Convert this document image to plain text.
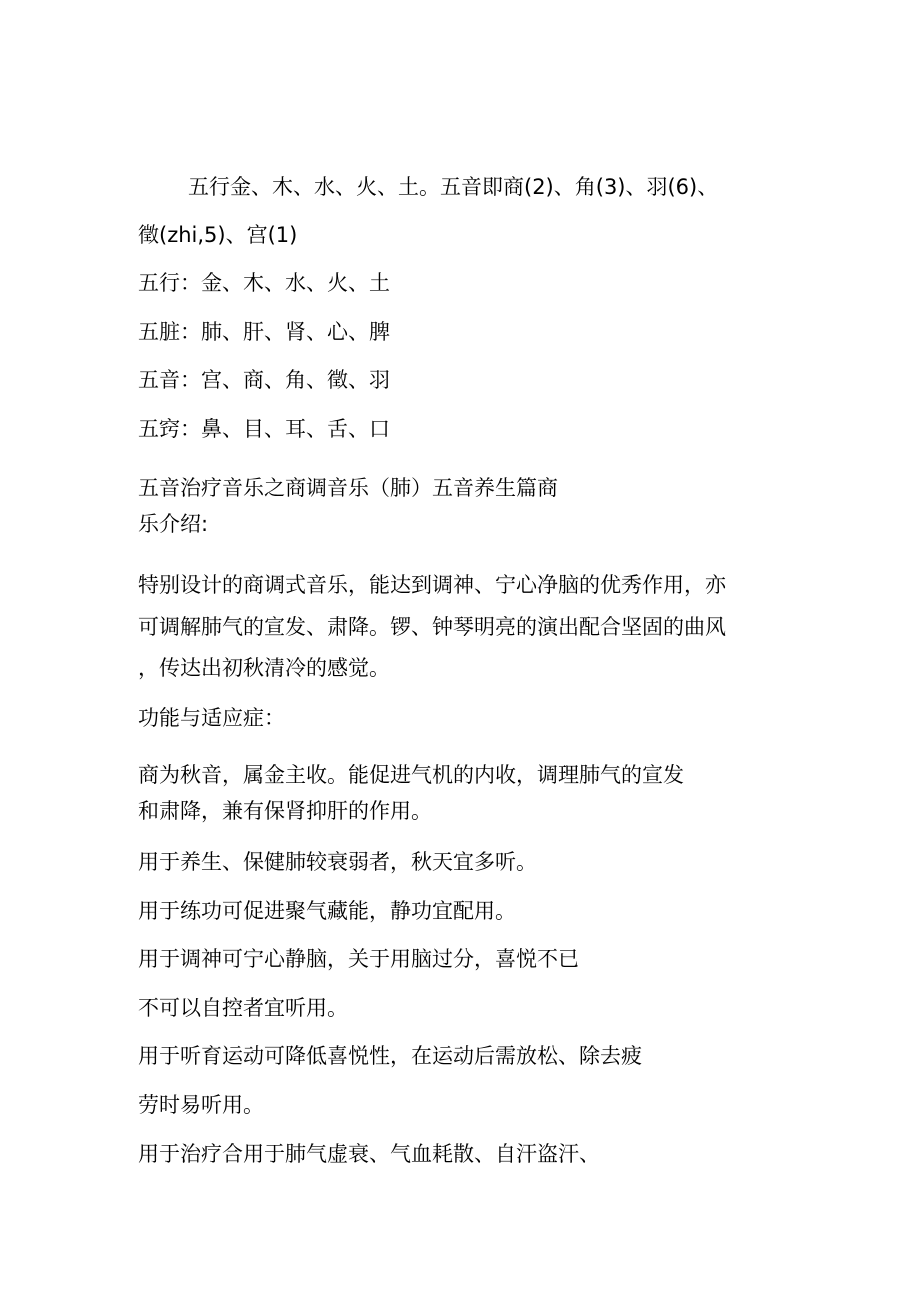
五行金、木、水、火、土。五音即商(2)、角(3)、羽(6)、
徵(zhi,5)、宫(1)
五行：金、木、水、火、土
五脏：肺、肝、肾、心、脾
五音：宫、商、角、徵、羽
五窍：鼻、目、耳、舌、口
五音治疗音乐之商调音乐（肺）五音养生篇商
乐介绍:
特别设计的商调式音乐，能达到调神、宁心净脑的优秀作用，亦
可调解肺气的宣发、肃降。锣、钟琴明亮的演出配合坚固的曲风
，传达出初秋清冷的感觉。
功能与适应症：
商为秋音，属金主收。能促进气机的内收，调理肺气的宣发
和肃降，兼有保肾抑肝的作用。
用于养生、保健肺较衰弱者，秋天宜多听。
用于练功可促进聚气藏能，静功宜配用。
用于调神可宁心静脑，关于用脑过分，喜悦不已
不可以自控者宜听用。
用于听育运动可降低喜悦性，在运动后需放松、除去疲
劳时易听用。
用于治疗合用于肺气虚衰、气血耗散、自汗盗汗、
